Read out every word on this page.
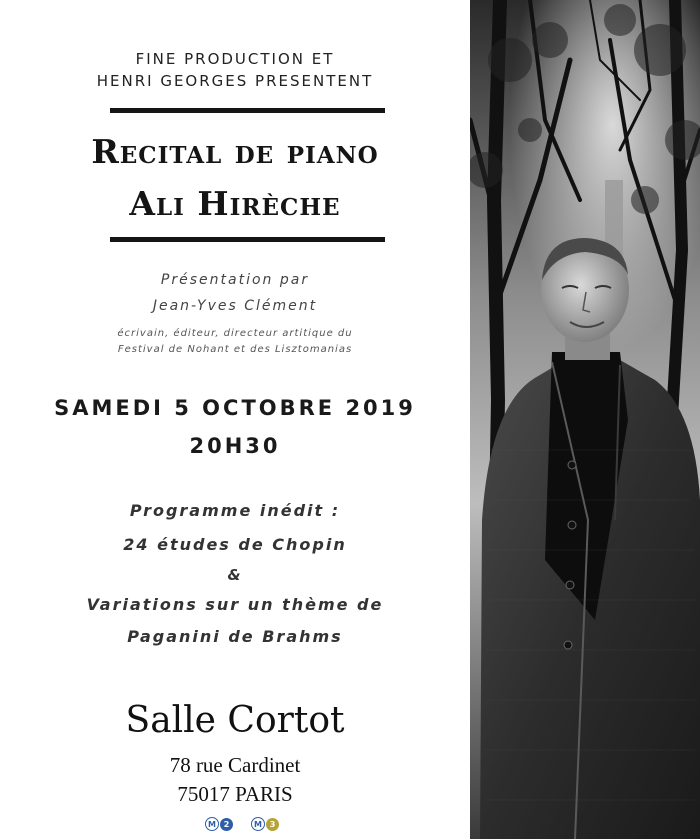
FINE PRODUCTION ET
HENRI GEORGES PRESENTENT
Recital de piano
Ali Hirèche
Présentation par
Jean-Yves Clément
écrivain, éditeur, directeur artitique du
Festival de Nohant et des Lisztomanias
SAMEDI 5 OCTOBRE 2019
20H30
Programme inédit :
24 études de Chopin
&
Variations sur un thème de
Paganini de Brahms
Salle Cortot
78 rue Cardinet
75017 PARIS
M 2	M 3
